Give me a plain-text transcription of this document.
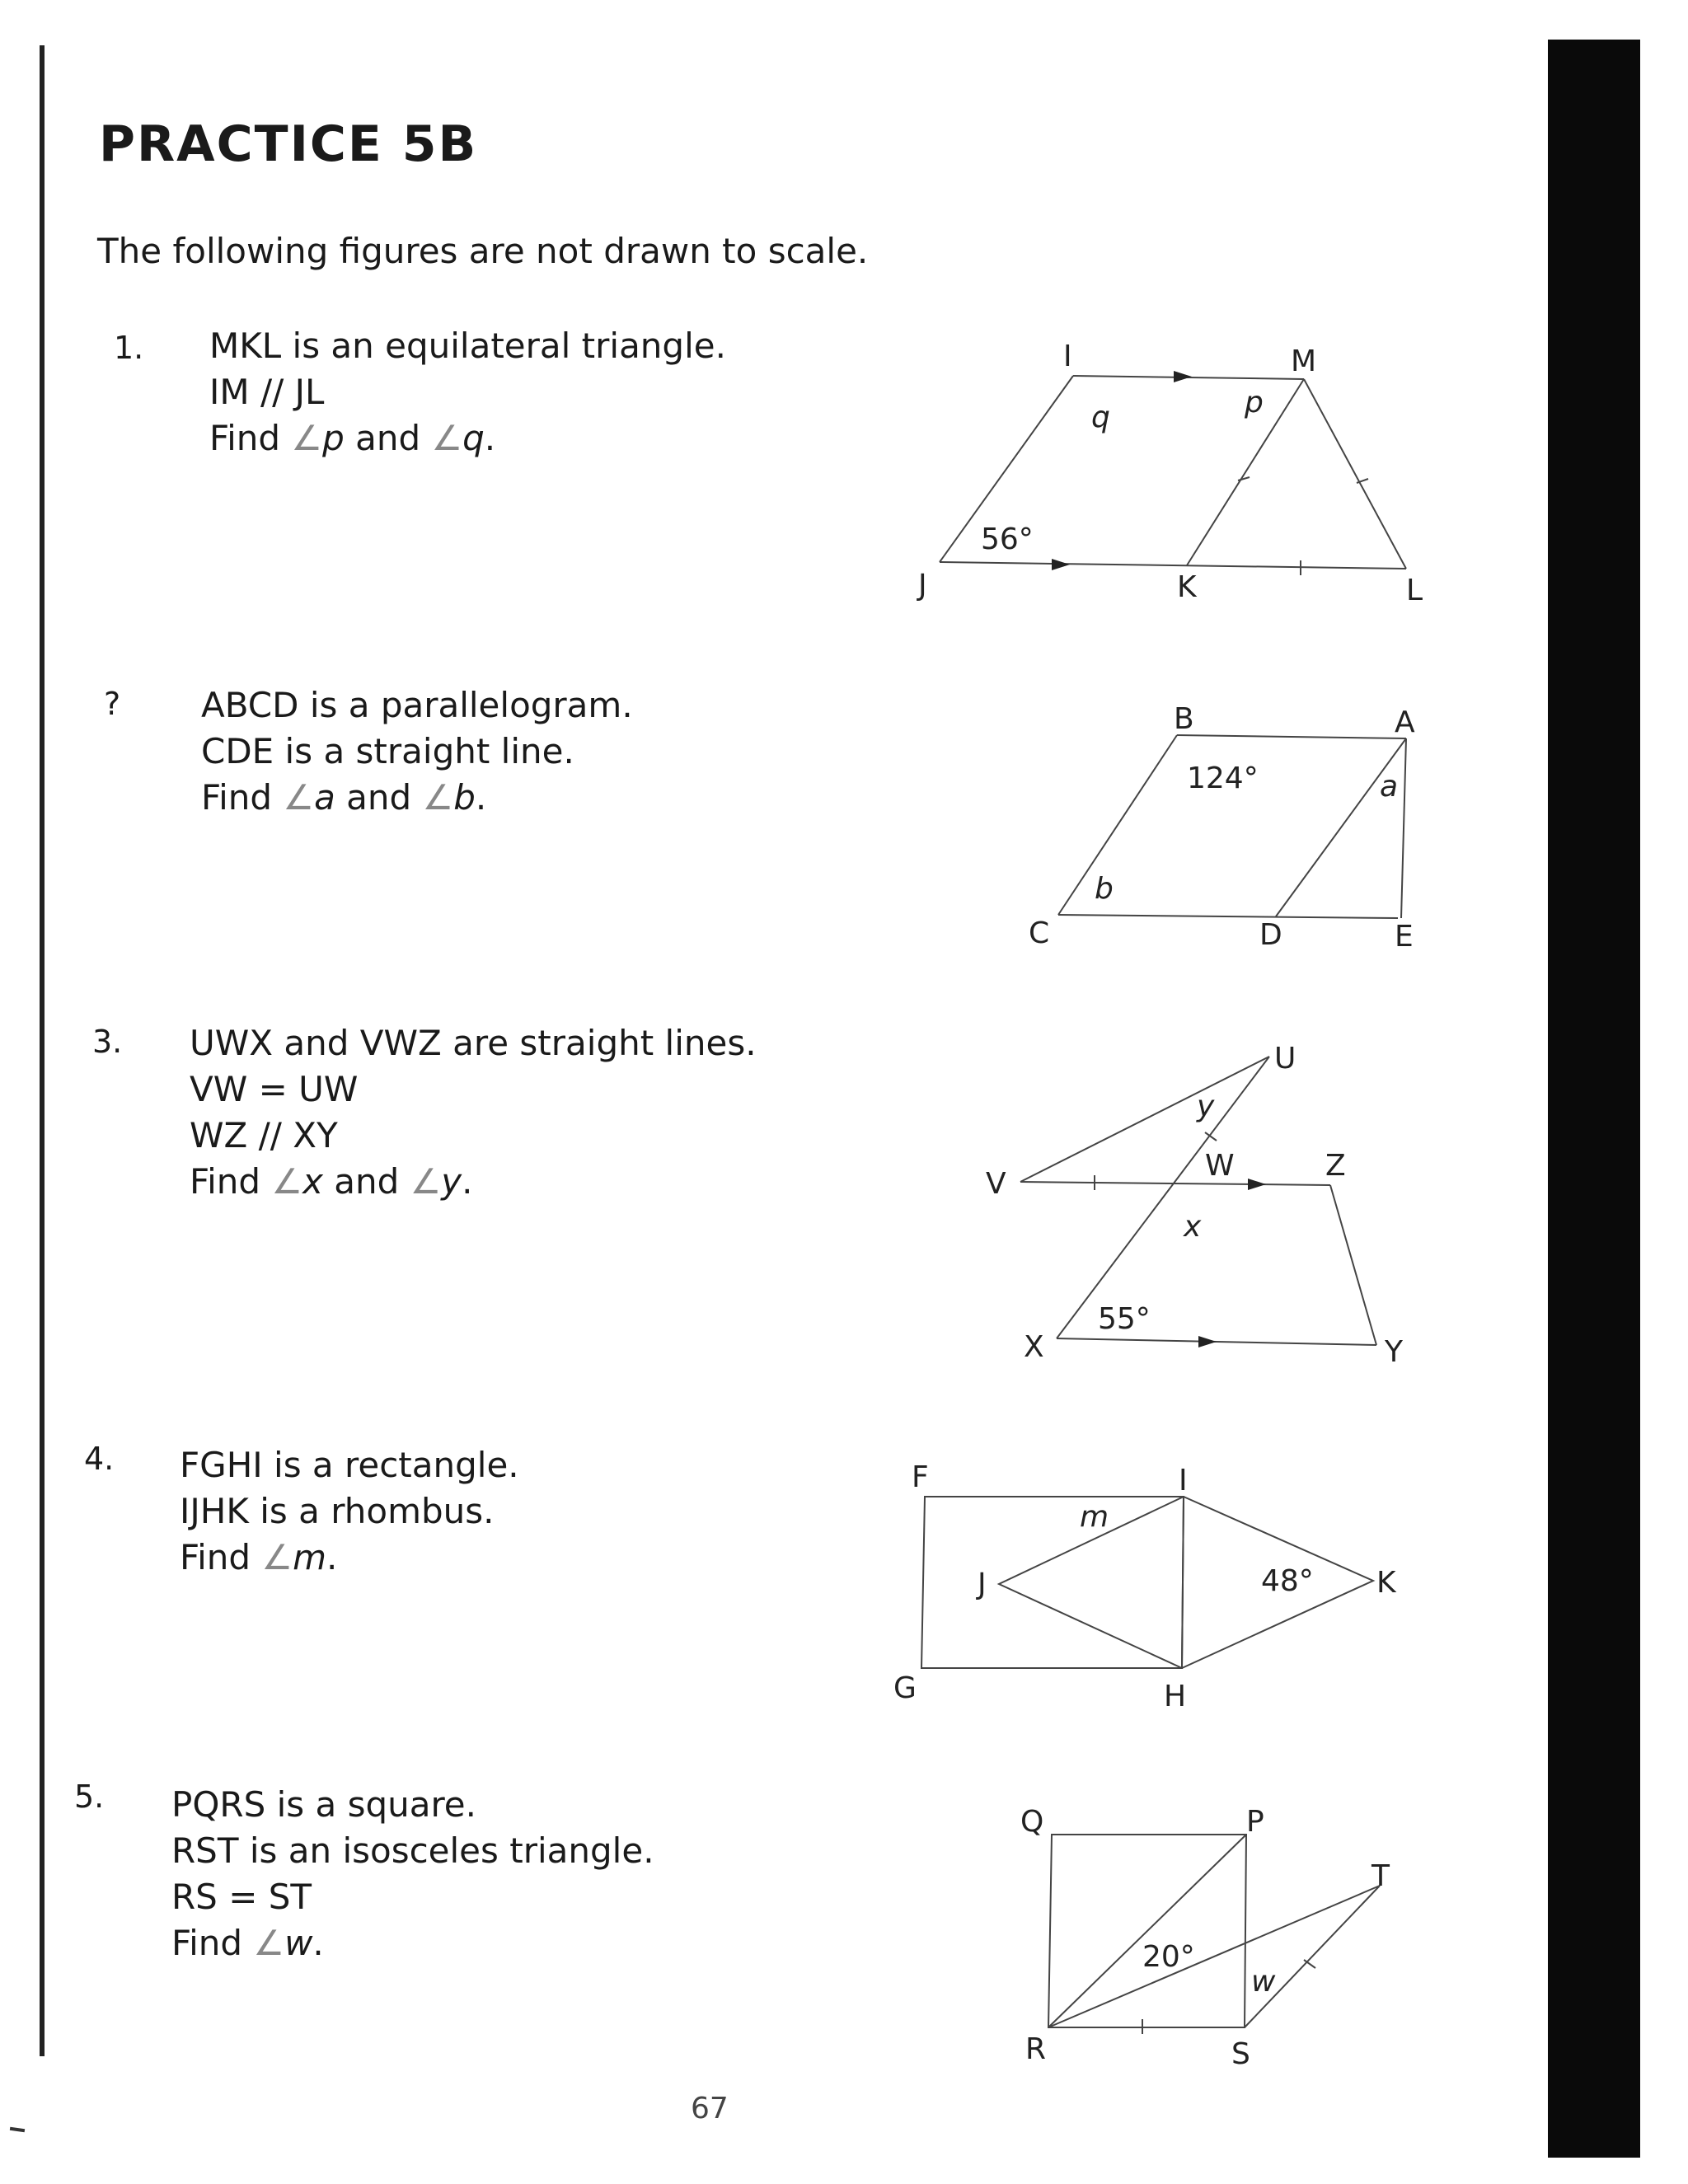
PRACTICE 5B
The following figures are not drawn to scale.
1. MKL is an equilateral triangle.
IM // JL
Find ∠p and ∠q.
? ABCD is a parallelogram.
CDE is a straight line.
Find ∠a and ∠b.
3. UWX and VWZ are straight lines.
VW = UW
WZ // XY
Find ∠x and ∠y.
4. FGHI is a rectangle.
IJHK is a rhombus.
Find ∠m.
5. PQRS is a square.
RST is an isosceles triangle.
RS = ST
Find ∠w.
67
I	M
J	K	L
p
q
56°
B	A
C	D	E
a
b
124°
U
V
W	Z
X	Y
x
y
55°
F	I
J	K
G	H
m
48°
Q	P
T
R	S
w
20°
